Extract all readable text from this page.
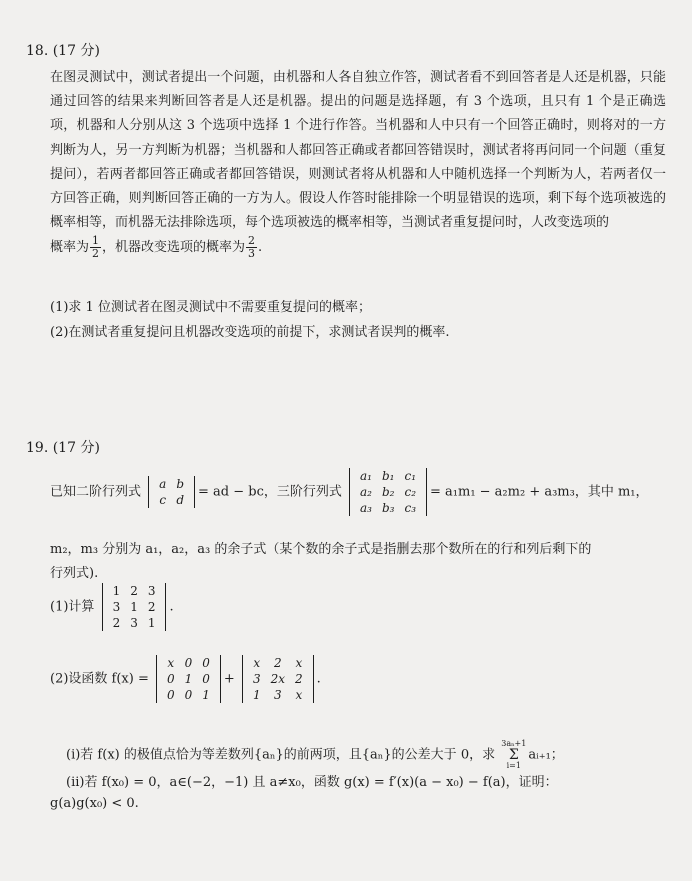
18. (17 分)
在图灵测试中，测试者提出一个问题，由机器和人各自独立作答，测试者看不到回答者是人还是机器，只能通过回答的结果来判断回答者是人还是机器。提出的问题是选择题，有 3 个选项，且只有 1 个是正确选项，机器和人分别从这 3 个选项中选择 1 个进行作答。当机器和人中只有一个回答正确时，则将对的一方判断为人，另一方判断为机器；当机器和人都回答正确或者都回答错误时，测试者将再问同一个问题（重复提问），若两者都回答正确或者都回答错误，则测试者将从机器和人中随机选择一个判断为人，若两者仅一方回答正确，则判断回答正确的一方为人。假设人作答时能排除一个明显错误的选项，剩下每个选项被选的概率相等，而机器无法排除选项，每个选项被选的概率相等，当测试者重复提问时，人改变选项的
概率为 $\frac{1}{2}$ ，机器改变选项的概率为 $\frac{2}{3}$ .
(1)求 1 位测试者在图灵测试中不需要重复提问的概率；
(2)在测试者重复提问且机器改变选项的前提下，求测试者误判的概率.
19. (17 分)
已知二阶行列式
a	b
c	d
= ad − bc，三阶行列式
a₁	b₁	c₁
a₂	b₂	c₂
a₃	b₃	c₃
= a₁m₁ − a₂m₂ + a₃m₃，其中 m₁，
m₂，m₃ 分别为 a₁，a₂，a₃ 的余子式（某个数的余子式是指删去那个数所在的行和列后剩下的
行列式).
(1)计算
1	2	3
3	1	2
2	3	1
.
(2)设函数 f(x) =
x	0	0
0	1	0
0	0	1
+
x	2	x
3	2x	2
1	3	x
.
(i)若 f(x) 的极值点恰为等差数列{aₙ}的前两项，且{aₙ}的公差大于 0，求
3aₙ+1
Σ
i=1
aᵢ₊₁；
(ii)若 f(x₀) = 0，a∈(−2，−1) 且 a≠x₀，函数 g(x) = f′(x)(a − x₀) − f(a)，证明：
g(a)g(x₀) < 0.
